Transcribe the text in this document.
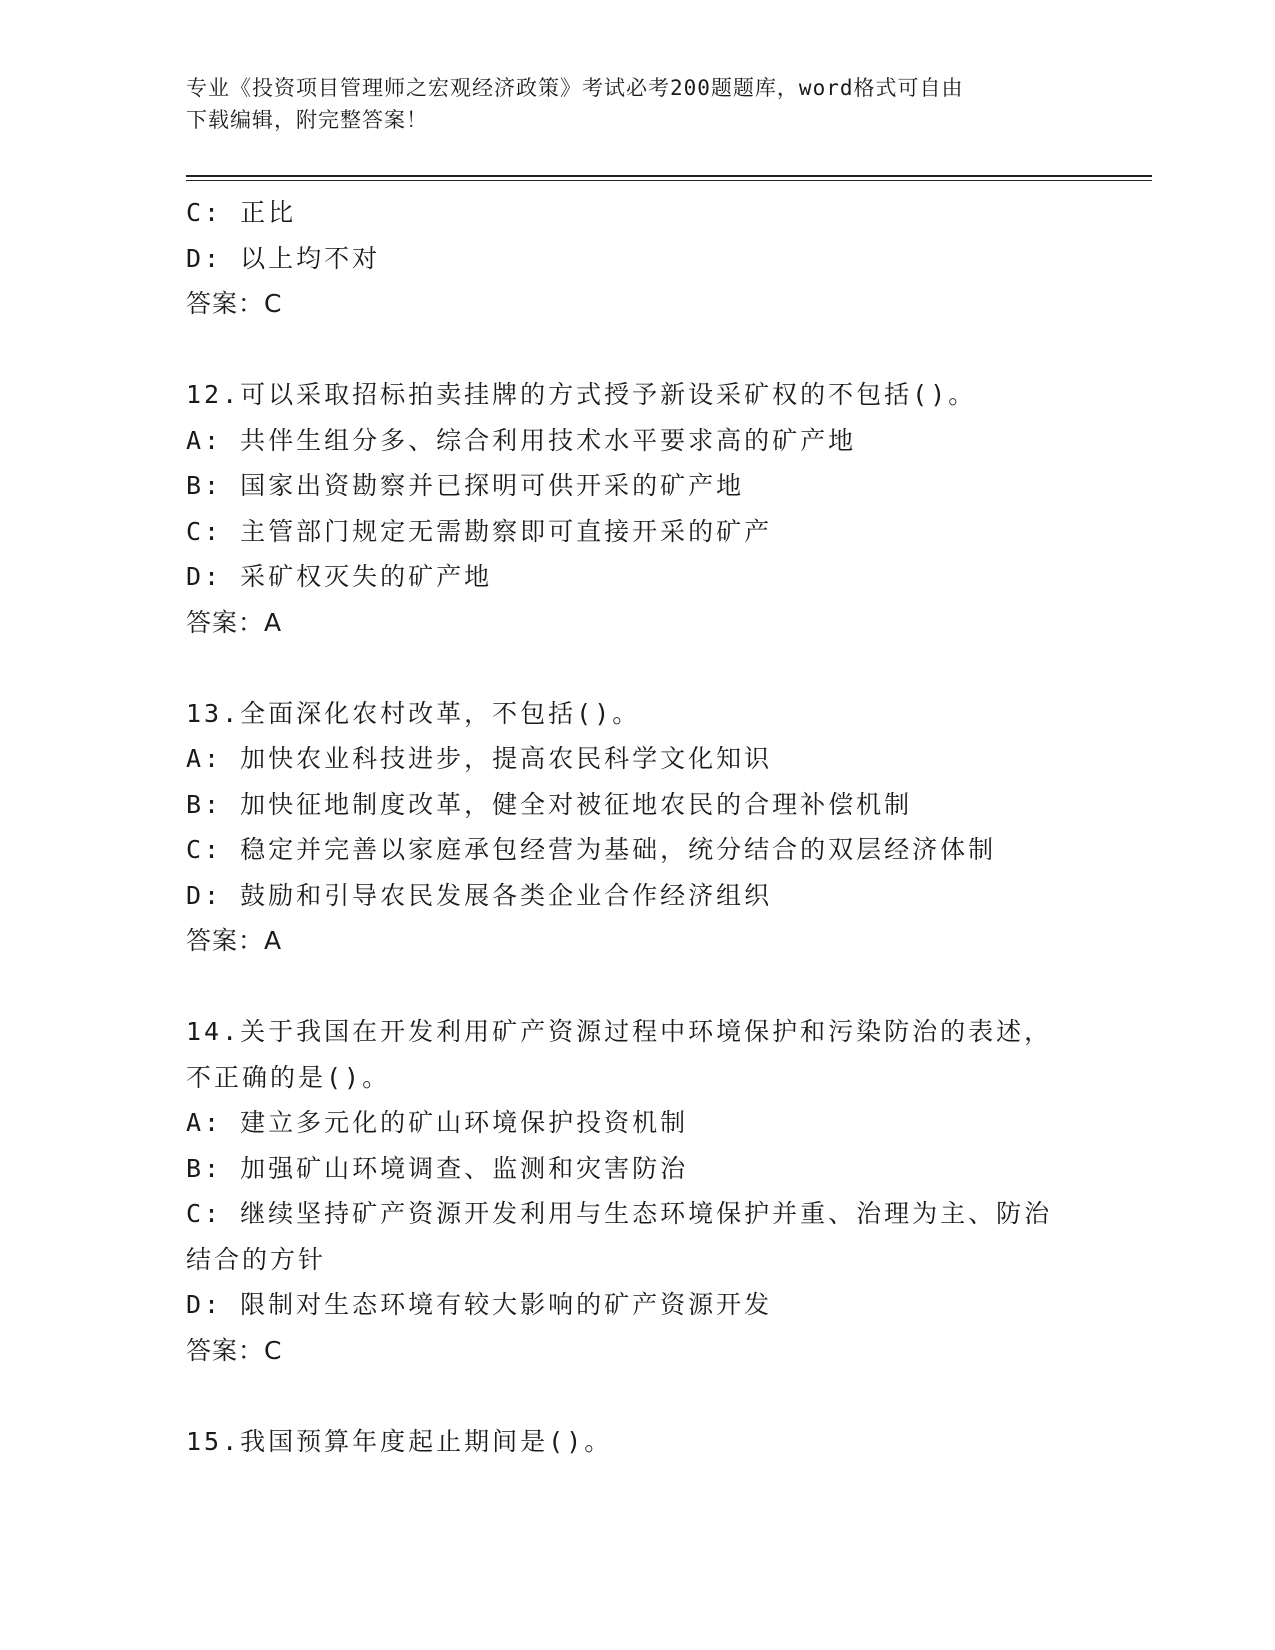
专业《投资项目管理师之宏观经济政策》考试必考200题题库，word格式可自由
下载编辑，附完整答案！
C: 正比
D: 以上均不对
答案：C
12.可以采取招标拍卖挂牌的方式授予新设采矿权的不包括()。
A: 共伴生组分多、综合利用技术水平要求高的矿产地
B: 国家出资勘察并已探明可供开采的矿产地
C: 主管部门规定无需勘察即可直接开采的矿产
D: 采矿权灭失的矿产地
答案：A
13.全面深化农村改革，不包括()。
A: 加快农业科技进步，提高农民科学文化知识
B: 加快征地制度改革，健全对被征地农民的合理补偿机制
C: 稳定并完善以家庭承包经营为基础，统分结合的双层经济体制
D: 鼓励和引导农民发展各类企业合作经济组织
答案：A
14.关于我国在开发利用矿产资源过程中环境保护和污染防治的表述，
不正确的是()。
A: 建立多元化的矿山环境保护投资机制
B: 加强矿山环境调查、监测和灾害防治
C: 继续坚持矿产资源开发利用与生态环境保护并重、治理为主、防治
结合的方针
D: 限制对生态环境有较大影响的矿产资源开发
答案：C
15.我国预算年度起止期间是()。
